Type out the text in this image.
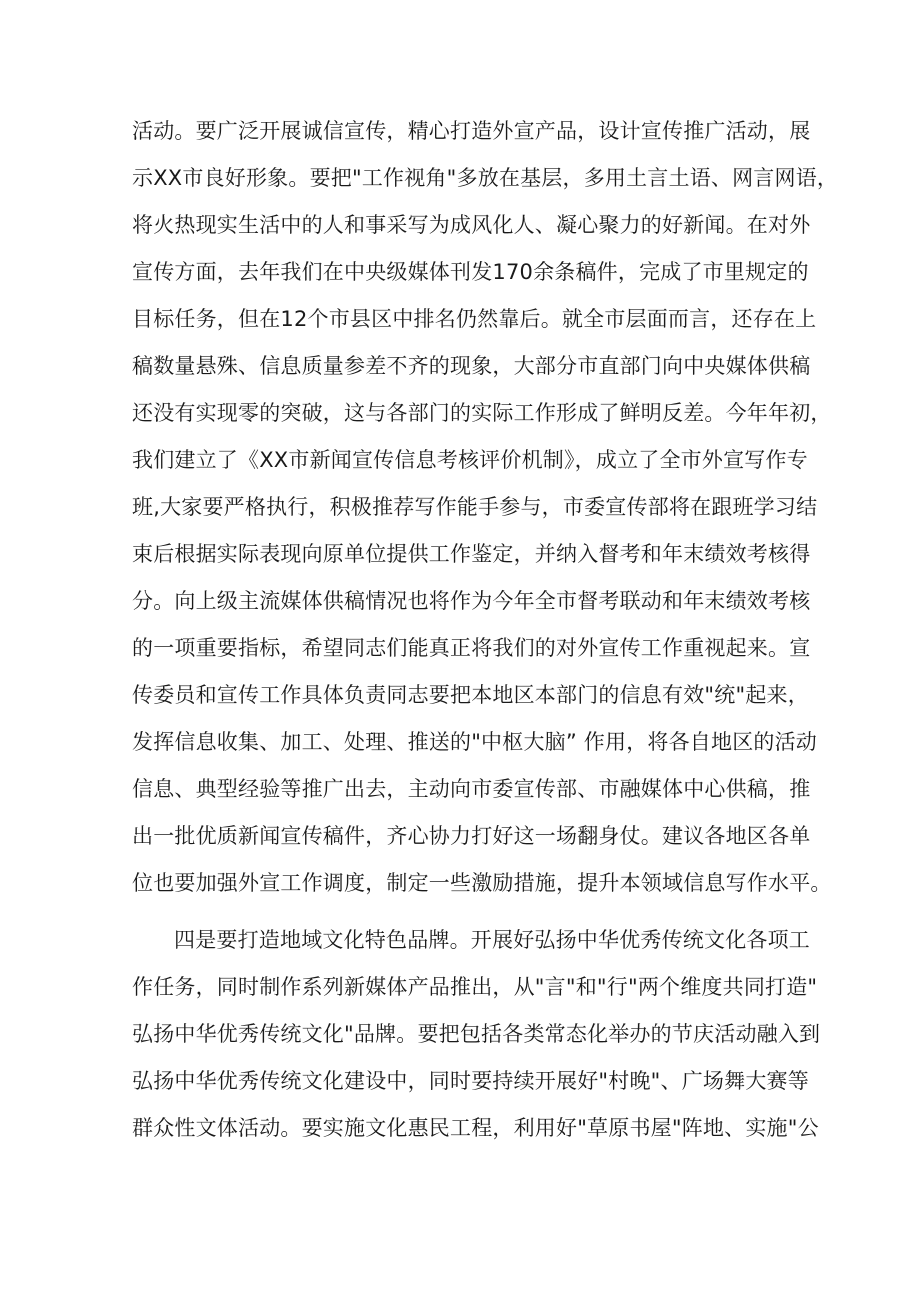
活动。要广泛开展诚信宣传，精心打造外宣产品，设计宣传推广活动，展
示XX市良好形象。要把"工作视角"多放在基层，多用土言土语、网言网语，
将火热现实生活中的人和事采写为成风化人、凝心聚力的好新闻。在对外
宣传方面，去年我们在中央级媒体刊发170余条稿件，完成了市里规定的
目标任务，但在12个市县区中排名仍然靠后。就全市层面而言，还存在上
稿数量悬殊、信息质量参差不齐的现象，大部分市直部门向中央媒体供稿
还没有实现零的突破，这与各部门的实际工作形成了鲜明反差。今年年初，
我们建立了《XX市新闻宣传信息考核评价机制》，成立了全市外宣写作专
班,大家要严格执行，积极推荐写作能手参与，市委宣传部将在跟班学习结
束后根据实际表现向原单位提供工作鉴定，并纳入督考和年末绩效考核得
分。向上级主流媒体供稿情况也将作为今年全市督考联动和年末绩效考核
的一项重要指标，希望同志们能真正将我们的对外宣传工作重视起来。宣
传委员和宣传工作具体负责同志要把本地区本部门的信息有效"统"起来，
发挥信息收集、加工、处理、推送的"中枢大脑” 作用，将各自地区的活动
信息、典型经验等推广出去，主动向市委宣传部、市融媒体中心供稿，推
出一批优质新闻宣传稿件，齐心协力打好这一场翻身仗。建议各地区各单
位也要加强外宣工作调度，制定一些激励措施，提升本领域信息写作水平。
四是要打造地域文化特色品牌。开展好弘扬中华优秀传统文化各项工
作任务，同时制作系列新媒体产品推出，从"言"和"行"两个维度共同打造"
弘扬中华优秀传统文化"品牌。要把包括各类常态化举办的节庆活动融入到
弘扬中华优秀传统文化建设中，同时要持续开展好"村晚"、广场舞大赛等
群众性文体活动。要实施文化惠民工程，利用好"草原书屋"阵地、实施"公
